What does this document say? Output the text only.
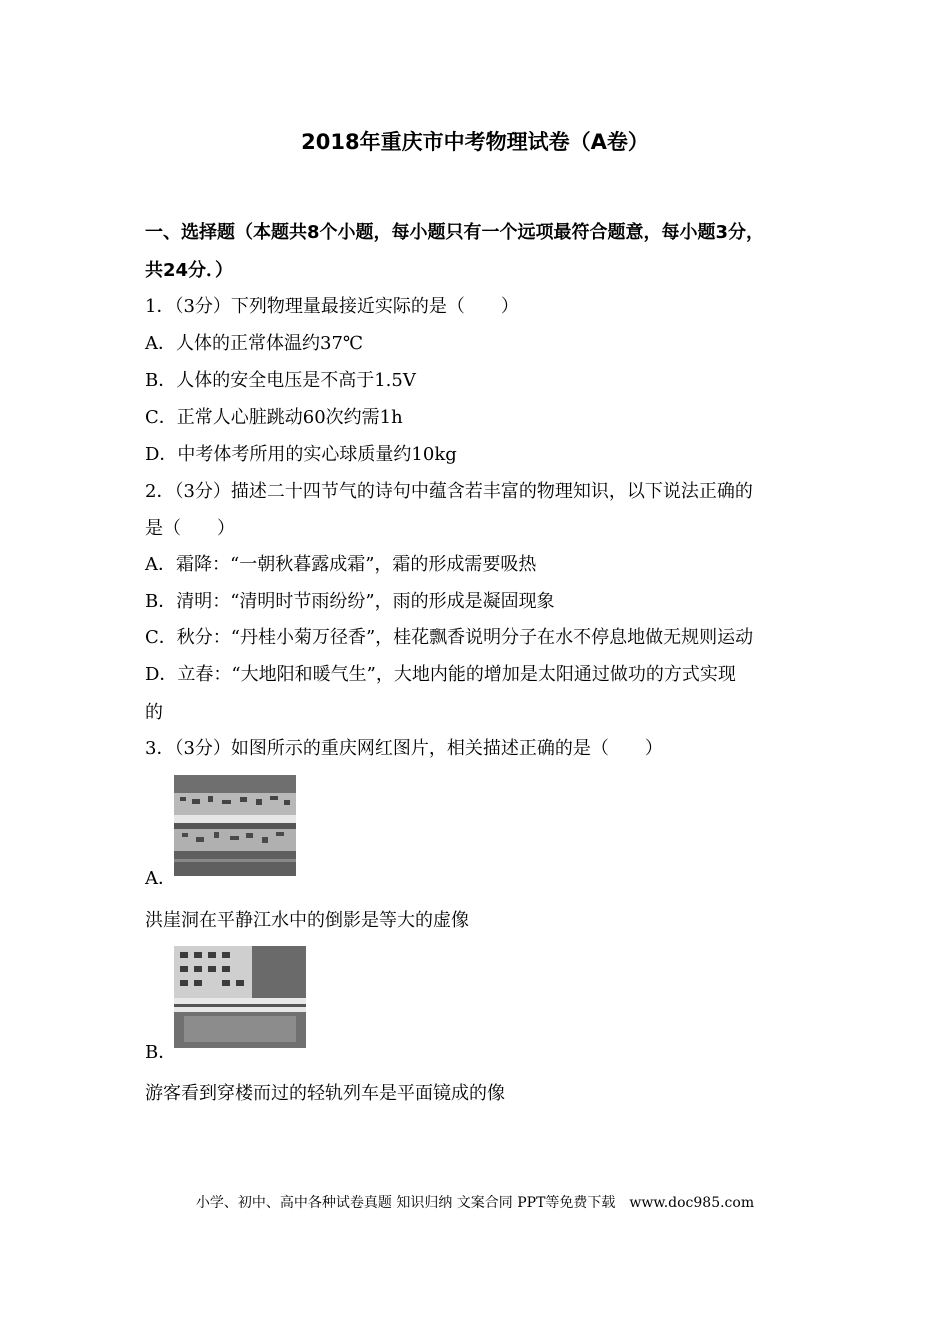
2018年重庆市中考物理试卷（A卷）
一、选择题（本题共8个小题，每小题只有一个远项最符合题意，每小题3分，
共24分．）
1．（3分）下列物理量最接近实际的是（　　）
A．人体的正常体温约37℃
B．人体的安全电压是不高于1.5V
C．正常人心脏跳动60次约需1h
D．中考体考所用的实心球质量约10kg
2．（3分）描述二十四节气的诗句中蕴含若丰富的物理知识，以下说法正确的
是（　　）
A．霜降：“一朝秋暮露成霜”，霜的形成需要吸热
B．清明：“清明时节雨纷纷”，雨的形成是凝固现象
C．秋分：“丹桂小菊万径香”，桂花飘香说明分子在水不停息地做无规则运动
D．立春：“大地阳和暖气生”，大地内能的增加是太阳通过做功的方式实现
的
3．（3分）如图所示的重庆网红图片，相关描述正确的是（　　）
A．
洪崖洞在平静江水中的倒影是等大的虚像
B．
游客看到穿楼而过的轻轨列车是平面镜成的像
小学、初中、高中各种试卷真题 知识归纳 文案合同 PPT等免费下载　www.doc985.com
